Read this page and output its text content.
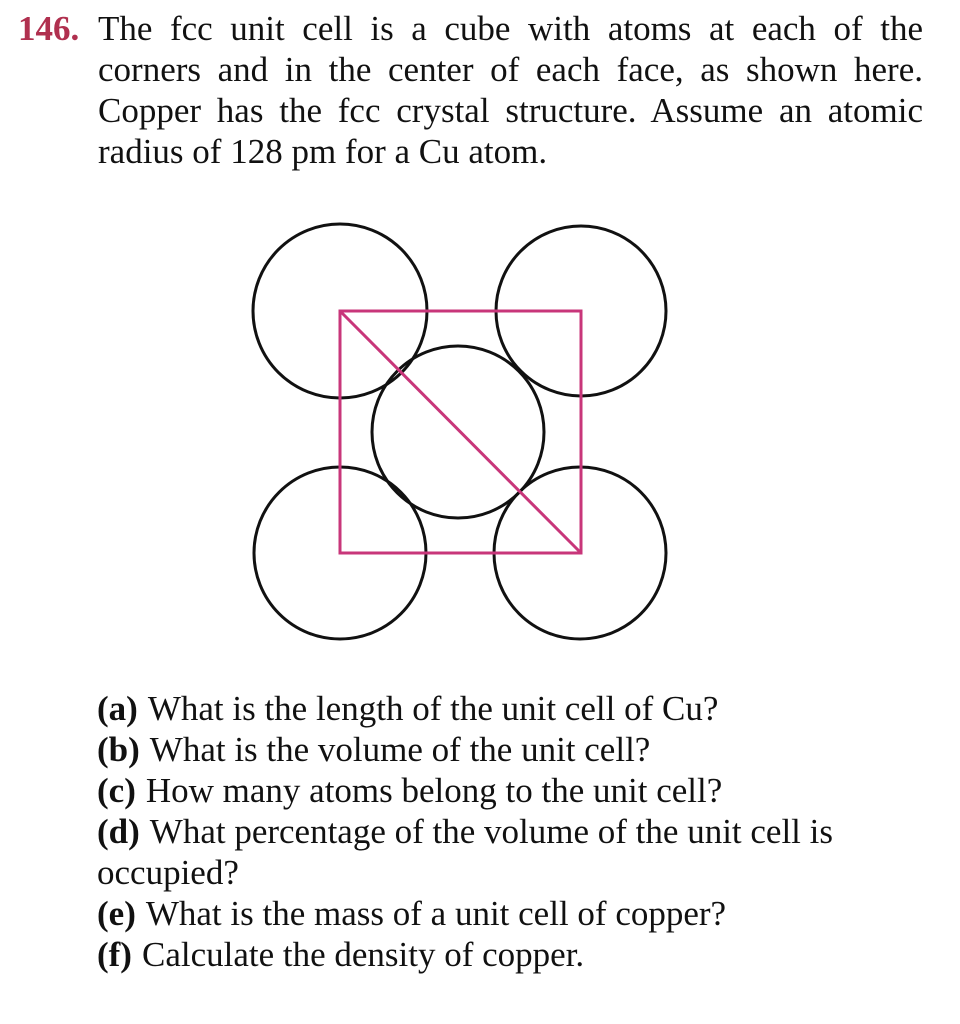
146. The fcc unit cell is a cube with atoms at each of the corners and in the center of each face, as shown here. Copper has the fcc crystal structure. Assume an atomic radius of 128 pm for a Cu atom.
(a) What is the length of the unit cell of Cu?
(b) What is the volume of the unit cell?
(c) How many atoms belong to the unit cell?
(d) What percentage of the volume of the unit cell is occupied?
(e) What is the mass of a unit cell of copper?
(f) Calculate the density of copper.
